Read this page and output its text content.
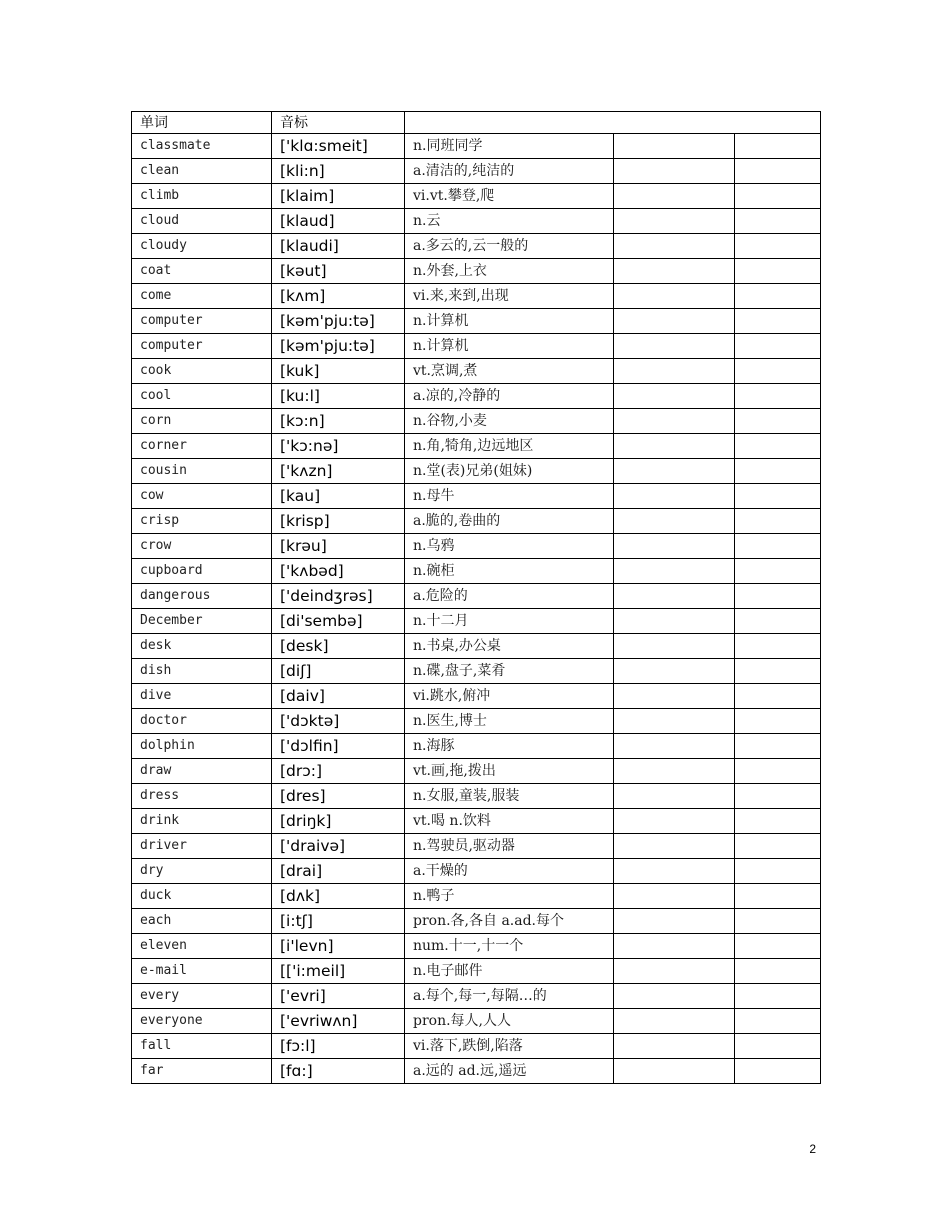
单词	音标			
classmate	['klɑ:smeit]	n.同班同学		
clean	[kli:n]	a.清洁的,纯洁的		
climb	[klaim]	vi.vt.攀登,爬		
cloud	[klaud]	n.云		
cloudy	[klaudi]	a.多云的,云一般的		
coat	[kəut]	n.外套,上衣		
come	[kʌm]	vi.来,来到,出现		
computer	[kəm'pju:tə]	n.计算机		
computer	[kəm'pju:tə]	n.计算机		
cook	[kuk]	vt.烹调,煮		
cool	[ku:l]	a.凉的,冷静的		
corn	[kɔ:n]	n.谷物,小麦		
corner	['kɔ:nə]	n.角,犄角,边远地区		
cousin	['kʌzn]	n.堂(表)兄弟(姐妹)		
cow	[kau]	n.母牛		
crisp	[krisp]	a.脆的,卷曲的		
crow	[krəu]	n.乌鸦		
cupboard	['kʌbəd]	n.碗柜		
dangerous	['deindʒrəs]	a.危险的		
December	[di'sembə]	n.十二月		
desk	[desk]	n.书桌,办公桌		
dish	[diʃ]	n.碟,盘子,菜肴		
dive	[daiv]	vi.跳水,俯冲		
doctor	['dɔktə]	n.医生,博士		
dolphin	['dɔlfin]	n.海豚		
draw	[drɔ:]	vt.画,拖,拨出		
dress	[dres]	n.女服,童装,服装		
drink	[driŋk]	vt.喝 n.饮料		
driver	['draivə]	n.驾驶员,驱动器		
dry	[drai]	a.干燥的		
duck	[dʌk]	n.鸭子		
each	[i:tʃ]	pron.各,各自 a.ad.每个		
eleven	[i'levn]	num.十一,十一个		
e-mail	[['i:meil]	n.电子邮件		
every	['evri]	a.每个,每一,每隔…的		
everyone	['evriwʌn]	pron.每人,人人		
fall	[fɔ:l]	vi.落下,跌倒,陷落		
far	[fɑ:]	a.远的 ad.远,遥远		
2
